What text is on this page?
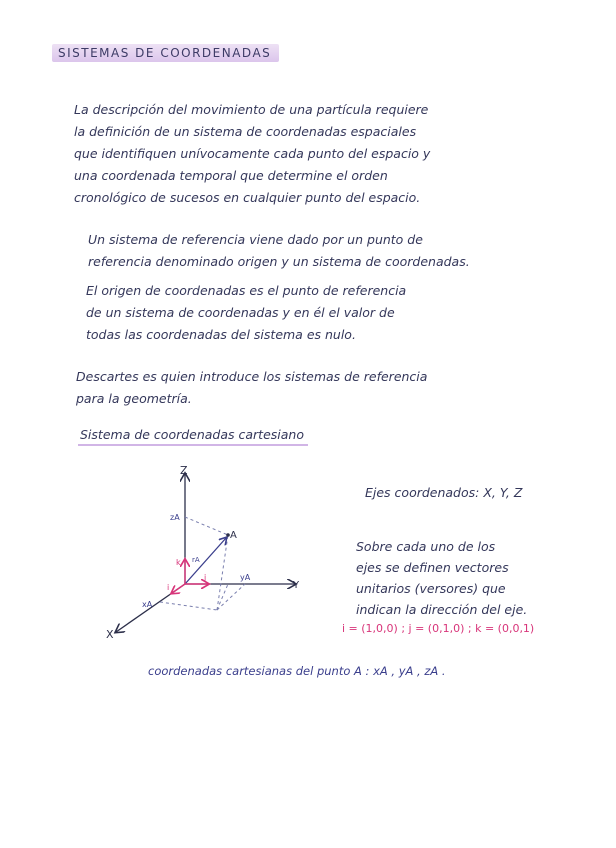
SISTEMAS DE COORDENADAS
La descripción del movimiento de una partícula requiere
la definición de un sistema de coordenadas espaciales
que identifiquen unívocamente cada punto del espacio y
una coordenada temporal que determine el orden
cronológico de sucesos en cualquier punto del espacio.
Un sistema de referencia viene dado por un punto de
referencia denominado origen y un sistema de coordenadas.
El origen de coordenadas es el punto de referencia
de un sistema de coordenadas y en él el valor de
todas las coordenadas del sistema es nulo.
Descartes es quien introduce los sistemas de referencia
para la geometría.
Sistema de coordenadas cartesiano
Z
Y
X
A
zA
yA
xA
rA
k
j
i
Ejes coordenados: X, Y, Z
Sobre cada uno de los
ejes se definen vectores
unitarios (versores) que
indican la dirección del eje.
i = (1,0,0) ; j = (0,1,0) ; k = (0,0,1)
coordenadas cartesianas del punto A : xA , yA , zA .
